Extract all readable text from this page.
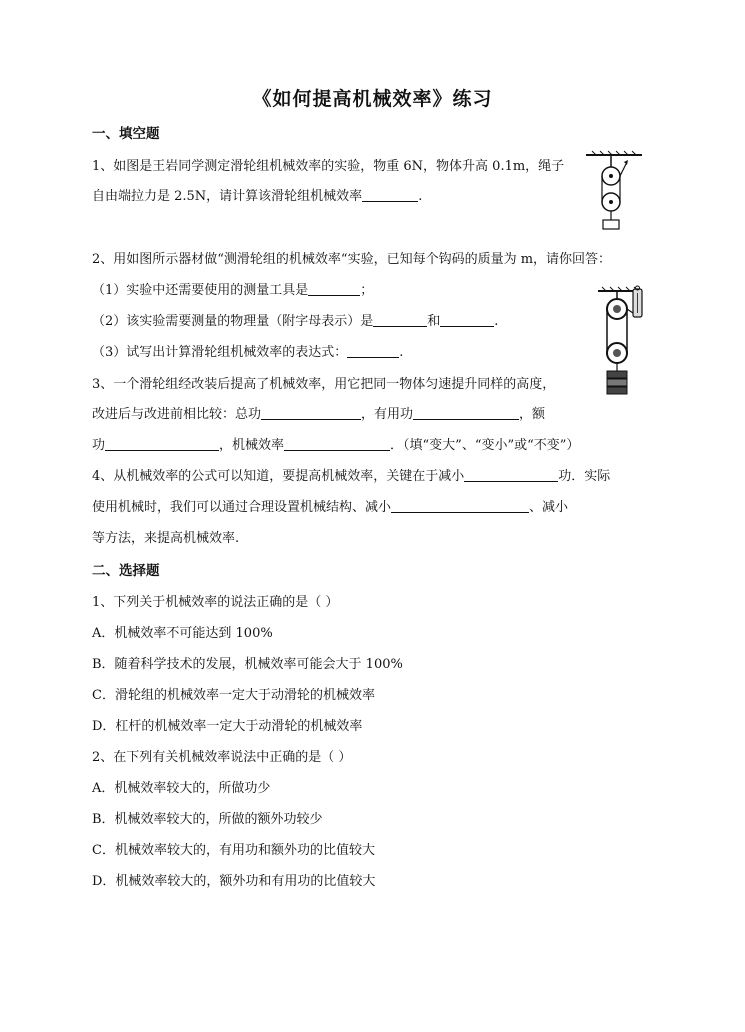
《如何提高机械效率》练习
一、填空题
1、如图是王岩同学测定滑轮组机械效率的实验，物重 6N，物体升高 0.1m，绳子
自由端拉力是 2.5N，请计算该滑轮组机械效率	.
2、用如图所示器材做“测滑轮组的机械效率“实验，已知每个钩码的质量为 m，请你回答：
（1）实验中还需要使用的测量工具是	；
（2）该实验需要测量的物理量（附字母表示）是	和	.
（3）试写出计算滑轮组机械效率的表达式：	.
3、一个滑轮组经改装后提高了机械效率，用它把同一物体匀速提升同样的高度，
改进后与改进前相比较：总功	，有用功	，额
功	，机械效率	．（填“变大”、“变小”或“不变”）
4、从机械效率的公式可以知道，要提高机械效率，关键在于减小	功．实际
使用机械时，我们可以通过合理设置机械结构、减小	、减小
等方法，来提高机械效率.
二、选择题
1、下列关于机械效率的说法正确的是（ ）
A．机械效率不可能达到 100%
B．随着科学技术的发展，机械效率可能会大于 100%
C．滑轮组的机械效率一定大于动滑轮的机械效率
D．杠杆的机械效率一定大于动滑轮的机械效率
2、在下列有关机械效率说法中正确的是（ ）
A．机械效率较大的，所做功少
B．机械效率较大的，所做的额外功较少
C．机械效率较大的，有用功和额外功的比值较大
D．机械效率较大的，额外功和有用功的比值较大
